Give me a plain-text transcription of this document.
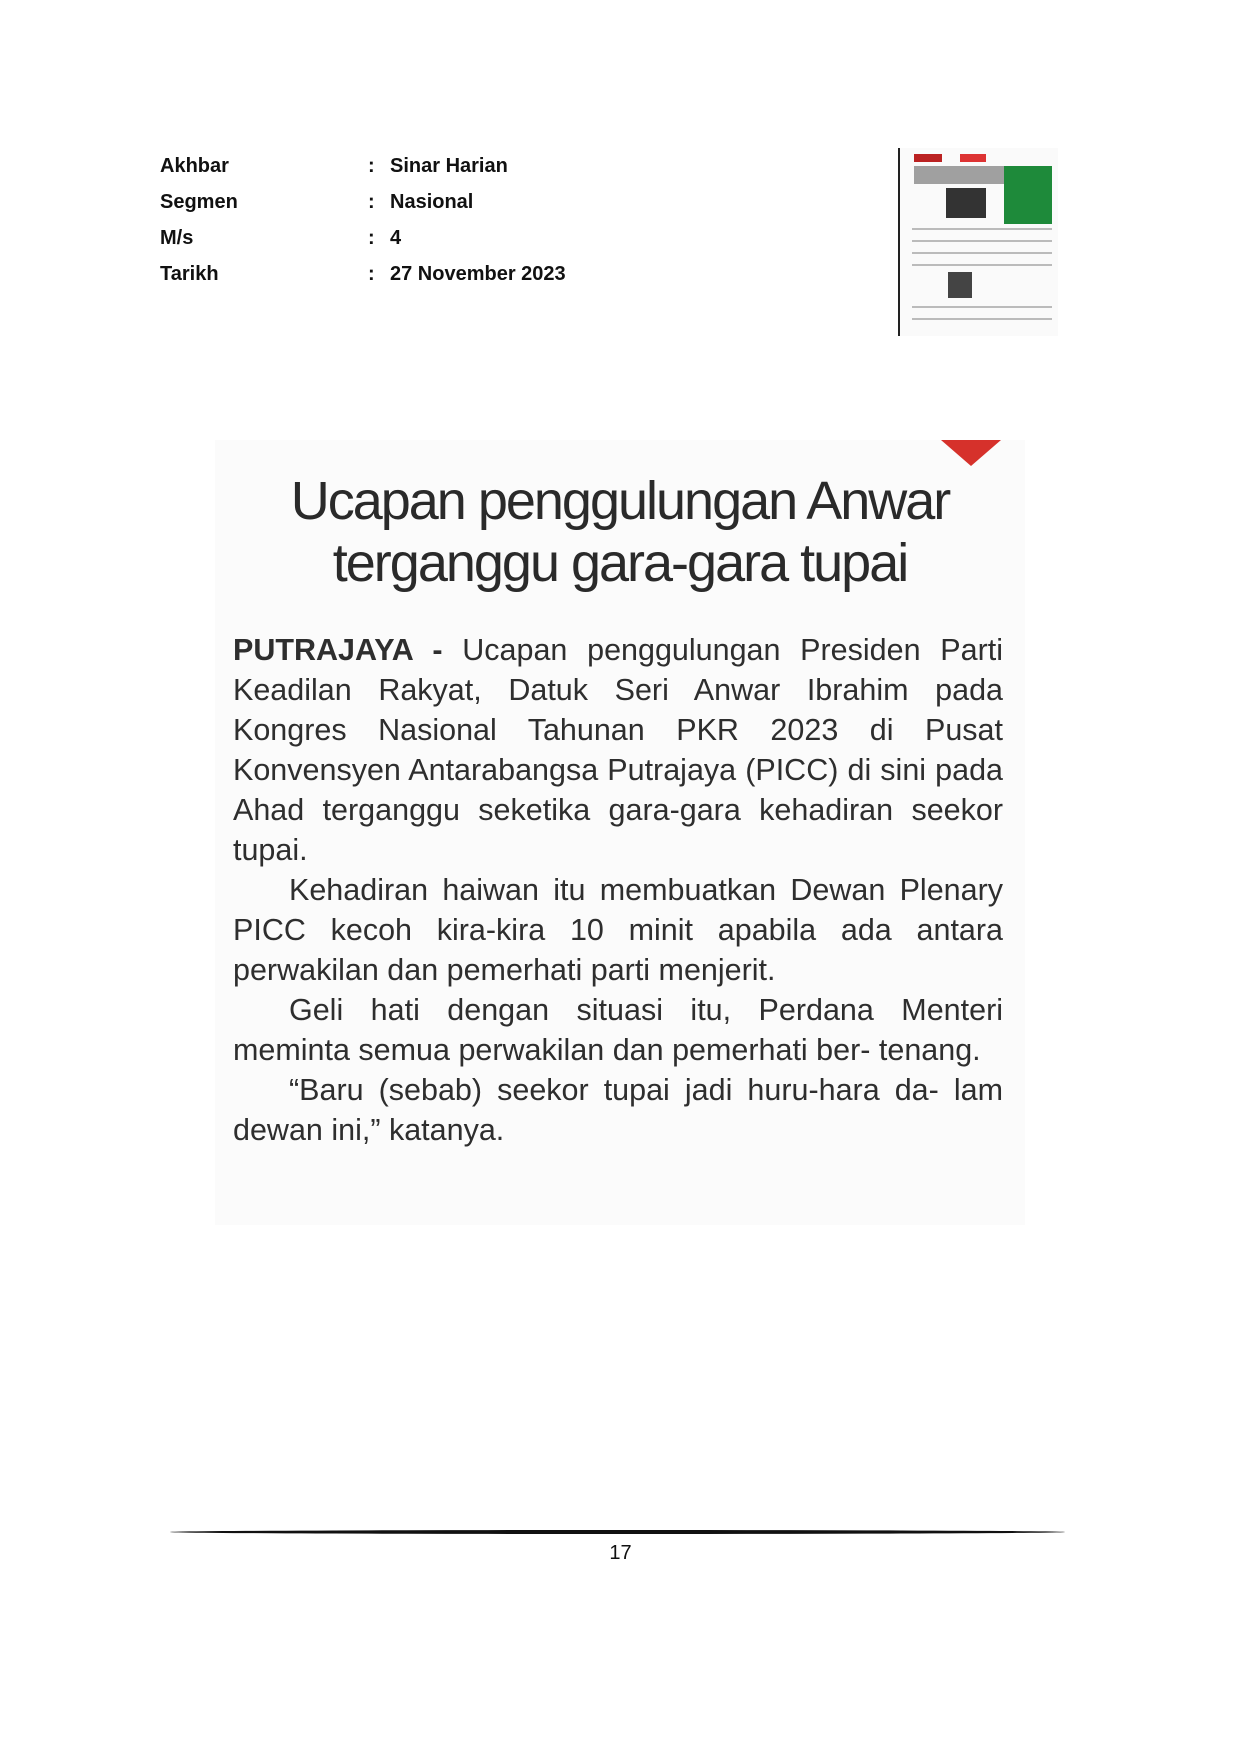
Akhbar	: Sinar Harian
Segmen	: Nasional
M/s	: 4
Tarikh	: 27 November 2023
Ucapan penggulungan Anwar
terganggu gara-gara tupai

PUTRAJAYA - Ucapan penggulungan Presiden Parti Keadilan Rakyat, Datuk Seri Anwar Ibrahim pada Kongres Nasional Tahunan PKR 2023 di Pusat Konvensyen Antarabangsa Putrajaya (PICC) di sini pada Ahad terganggu seketika gara-gara kehadiran seekor tupai.

Kehadiran haiwan itu membuatkan Dewan Plenary PICC kecoh kira-kira 10 minit apabila ada antara perwakilan dan pemerhati parti menjerit.

Geli hati dengan situasi itu, Perdana Menteri meminta semua perwakilan dan pemerhati ber- tenang.

“Baru (sebab) seekor tupai jadi huru-hara da- lam dewan ini,” katanya.

17
